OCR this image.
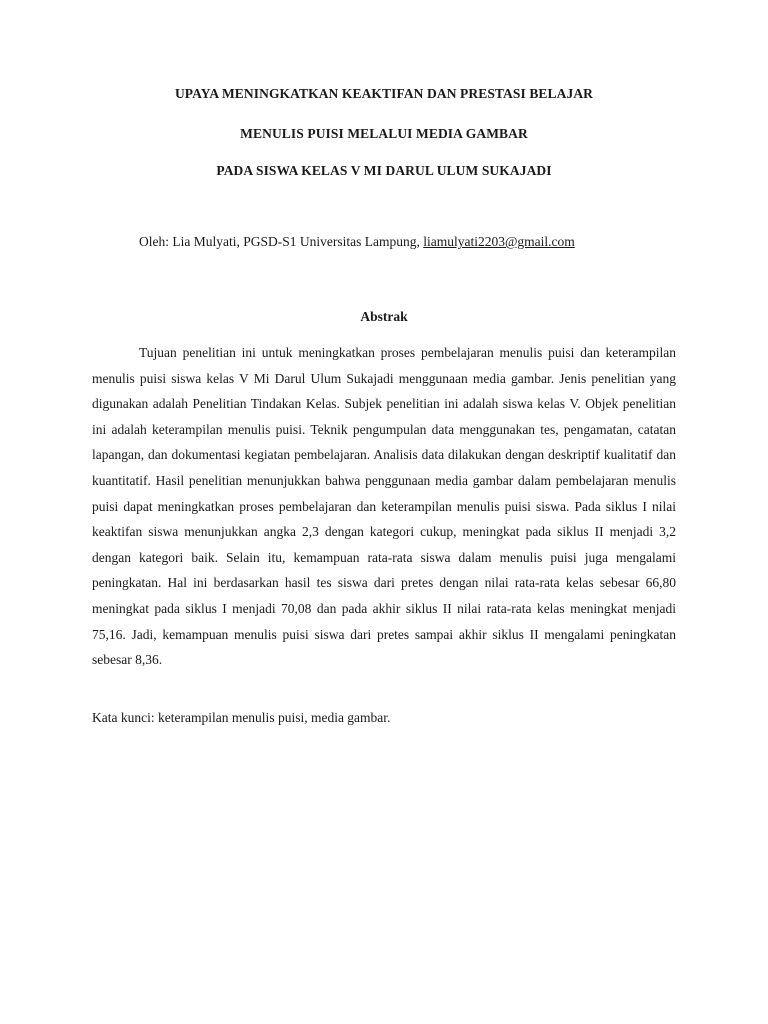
UPAYA MENINGKATKAN KEAKTIFAN DAN PRESTASI BELAJAR
MENULIS PUISI MELALUI MEDIA GAMBAR
PADA SISWA KELAS V MI DARUL ULUM SUKAJADI
Oleh: Lia Mulyati, PGSD-S1 Universitas Lampung, liamulyati2203@gmail.com
Abstrak

Tujuan penelitian ini untuk meningkatkan proses pembelajaran menulis puisi dan keterampilan menulis puisi siswa kelas V Mi Darul Ulum Sukajadi menggunaan media gambar. Jenis penelitian yang digunakan adalah Penelitian Tindakan Kelas. Subjek penelitian ini adalah siswa kelas V. Objek penelitian ini adalah keterampilan menulis puisi. Teknik pengumpulan data menggunakan tes, pengamatan, catatan lapangan, dan dokumentasi kegiatan pembelajaran. Analisis data dilakukan dengan deskriptif kualitatif dan kuantitatif. Hasil penelitian menunjukkan bahwa penggunaan media gambar dalam pembelajaran menulis puisi dapat meningkatkan proses pembelajaran dan keterampilan menulis puisi siswa. Pada siklus I nilai keaktifan siswa menunjukkan angka 2,3 dengan kategori cukup, meningkat pada siklus II menjadi 3,2 dengan kategori baik. Selain itu, kemampuan rata-rata siswa dalam menulis puisi juga mengalami peningkatan. Hal ini berdasarkan hasil tes siswa dari pretes dengan nilai rata-rata kelas sebesar 66,80 meningkat pada siklus I menjadi 70,08 dan pada akhir siklus II nilai rata-rata kelas meningkat menjadi 75,16. Jadi, kemampuan menulis puisi siswa dari pretes sampai akhir siklus II mengalami peningkatan sebesar 8,36.

Kata kunci: keterampilan menulis puisi, media gambar.
